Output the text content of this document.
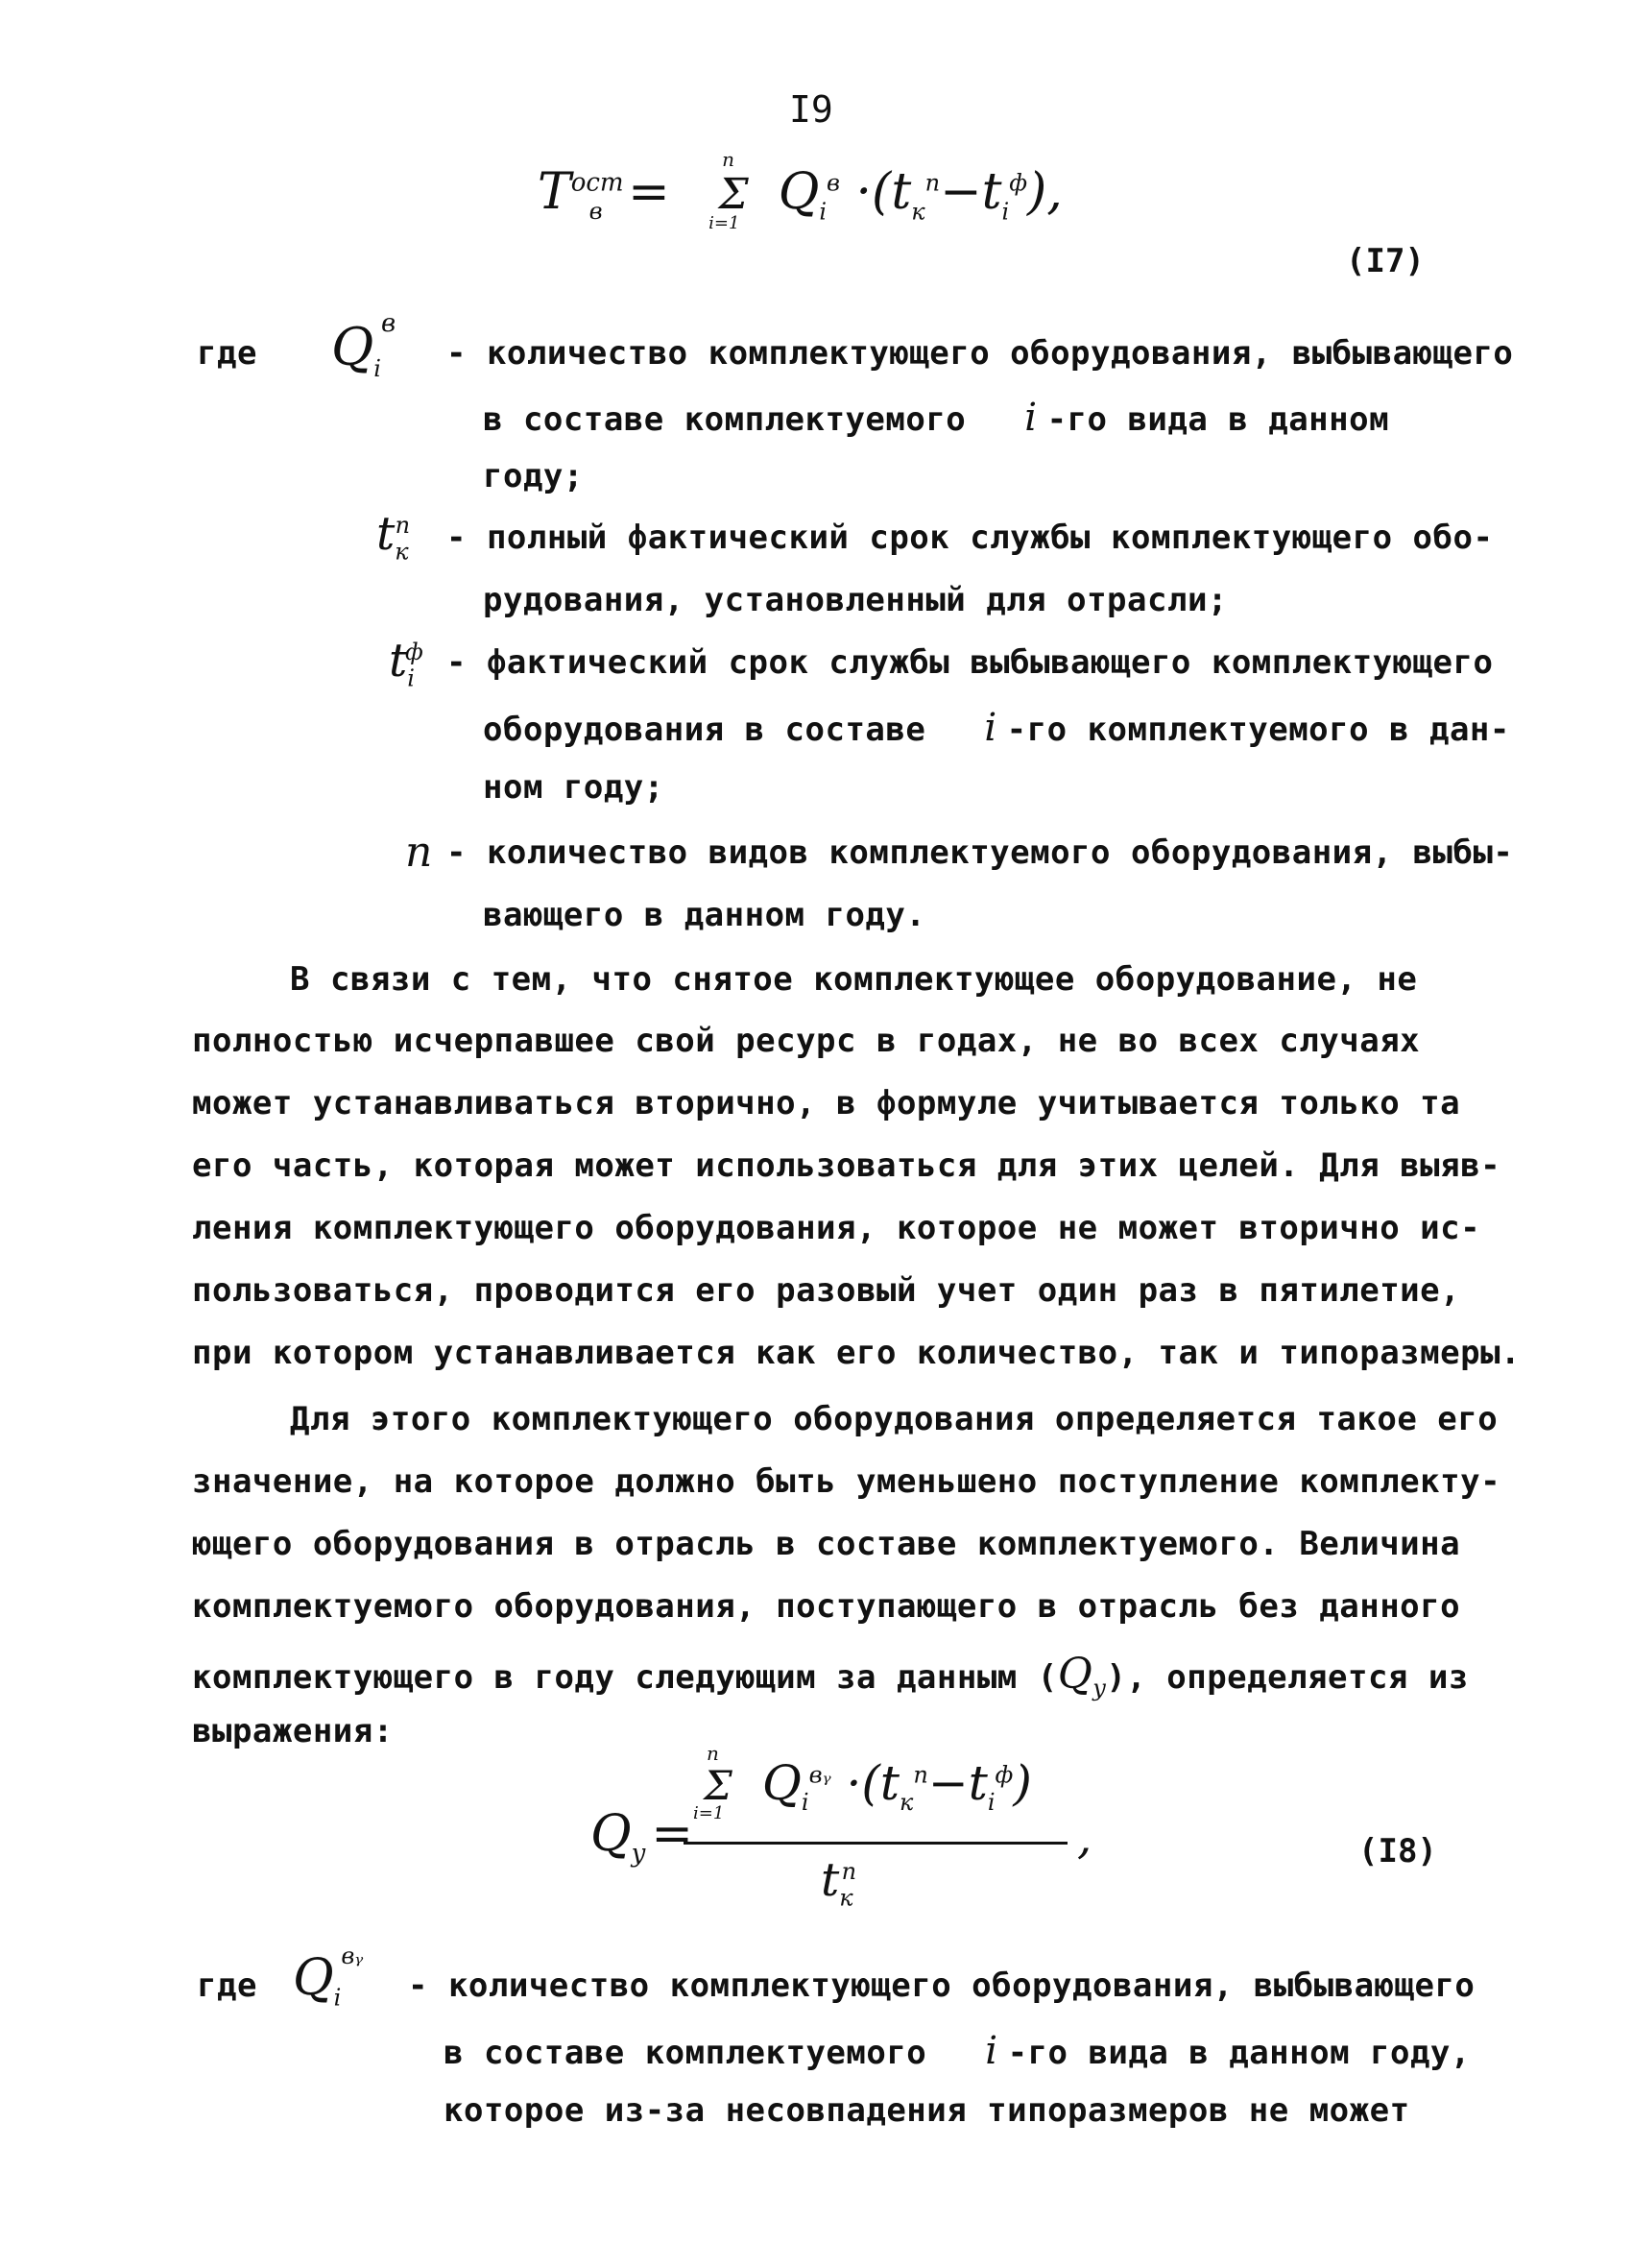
I9
$T^{ост}_в$ =
n
Σ
i=1
$Q_i^в \cdot(t_к^п-t_i^ф)$,
(I7)
где $Q_i^в$
- количество комплектующего оборудования, выбывающего
в составе комплектуемого i -го вида в данном
году;
$t_к^п$	- полный фактический срок службы комплектующего обо-
рудования, установленный для отрасли;
$t_i^ф$ - фактический срок службы выбывающего комплектующего
оборудования в составе i -го комплектуемого в дан-
ном году;
n - количество видов комплектуемого оборудования, выбы-
вающего в данном году.
В связи с тем, что снятое комплектующее оборудование, не
полностью исчерпавшее свой ресурс в годах, не во всех случаях
может устанавливаться вторично, в формуле учитывается только та
его часть, которая может использоваться для этих целей. Для выяв-
ления комплектующего оборудования, которое не может вторично ис-
пользоваться, проводится его разовый учет один раз в пятилетие,
при котором устанавливается как его количество, так и типоразмеры.
Для этого комплектующего оборудования определяется такое его
значение, на которое должно быть уменьшено поступление комплекту-
ющего оборудования в отрасль в составе комплектуемого. Величина
комплектуемого оборудования, поступающего в отрасль без данного
комплектующего в году следующим за данным $(Q_y)$, определяется из
выражения:
$Q_y$ =
n
Σ
i=1
$Q_i^{вᵧ} \cdot(t_к^п-t_i^ф)$
,
$t_к^п$
(I8)
где $Q_i^{вᵧ}$
- количество комплектующего оборудования, выбывающего
в составе комплектуемого i -го вида в данном году,
которое из-за несовпадения типоразмеров не может
